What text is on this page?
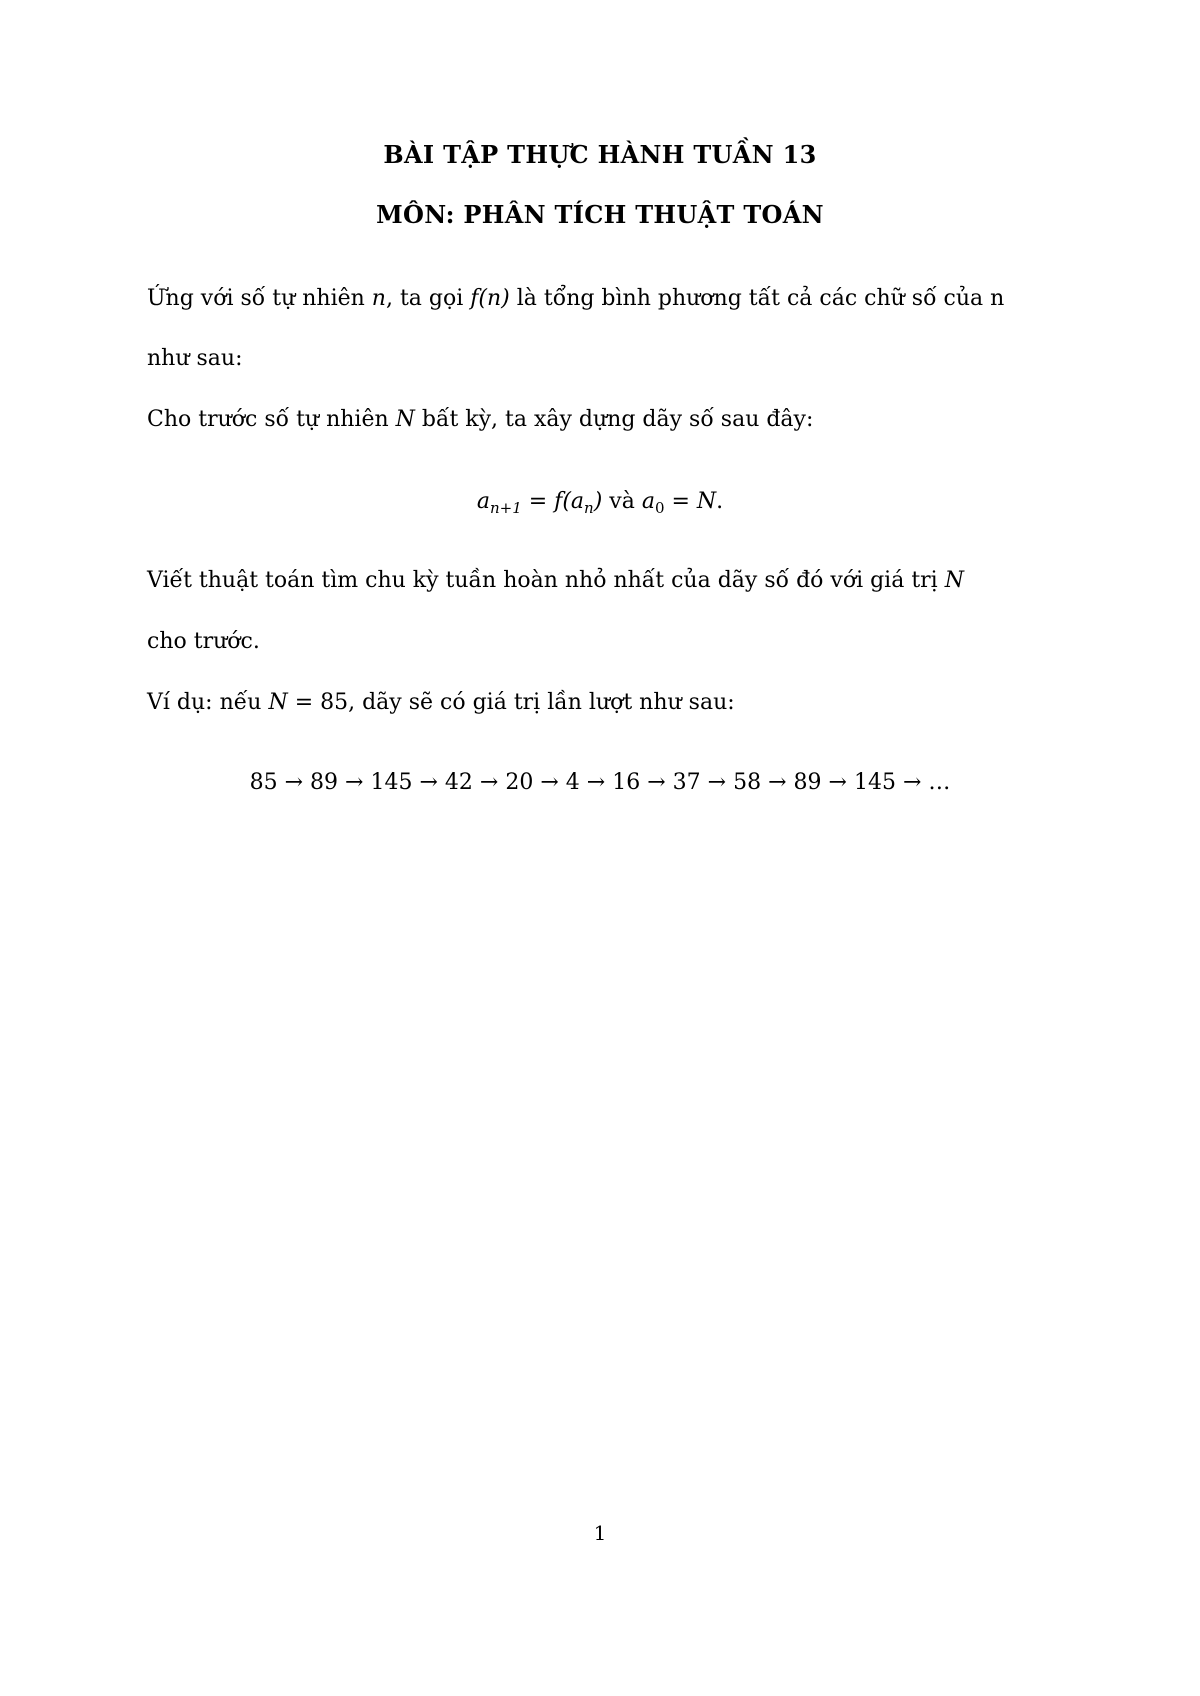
BÀI TẬP THỰC HÀNH TUẦN 13
MÔN: PHÂN TÍCH THUẬT TOÁN
Ứng với số tự nhiên n, ta gọi f(n) là tổng bình phương tất cả các chữ số của n
như sau:
Cho trước số tự nhiên N bất kỳ, ta xây dựng dãy số sau đây:
$a_{n+1} = f(a_n)$ và $a_0 = N$.
Viết thuật toán tìm chu kỳ tuần hoàn nhỏ nhất của dãy số đó với giá trị N
cho trước.
Ví dụ: nếu N = 85, dãy sẽ có giá trị lần lượt như sau:
85 → 89 → 145 → 42 → 20 → 4 → 16 → 37 → 58 → 89 → 145 → …
1
